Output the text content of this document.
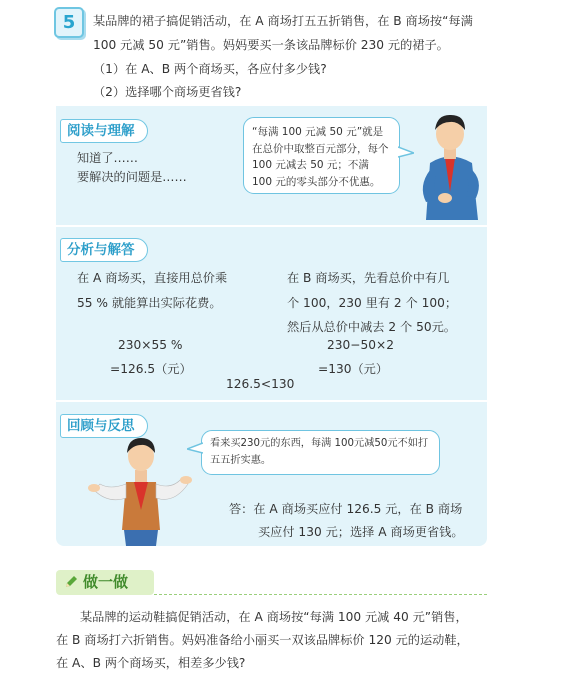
5	某品牌的裙子搞促销活动，在 A 商场打五五折销售，在 B 商场按“每满
100 元减 50 元”销售。妈妈要买一条该品牌标价 230 元的裙子。
（1）在 A、B 两个商场买，各应付多少钱?
（2）选择哪个商场更省钱?
阅读与理解
知道了……
要解决的问题是……
“每满 100 元减 50 元”就是在总价中取整百元部分，每个 100 元减去 50 元；不满 100 元的零头部分不优惠。
分析与解答
在 A 商场买，直接用总价乘
55 % 就能算出实际花费。
在 B 商场买，先看总价中有几
个 100，230 里有 2 个 100；
然后从总价中减去 2 个 50元。
230×55 %
=126.5（元）
230−50×2
=130（元）
126.5<130
回顾与反思
看来买230元的东西，每满 100元减50元不如打五五折实惠。
答：在 A 商场买应付 126.5 元，在 B 商场
买应付 130 元；选择 A 商场更省钱。
做一做
某品牌的运动鞋搞促销活动，在 A 商场按“每满 100 元减 40 元”销售，
在 B 商场打六折销售。妈妈准备给小丽买一双该品牌标价 120 元的运动鞋，
在 A、B 两个商场买，相差多少钱?
